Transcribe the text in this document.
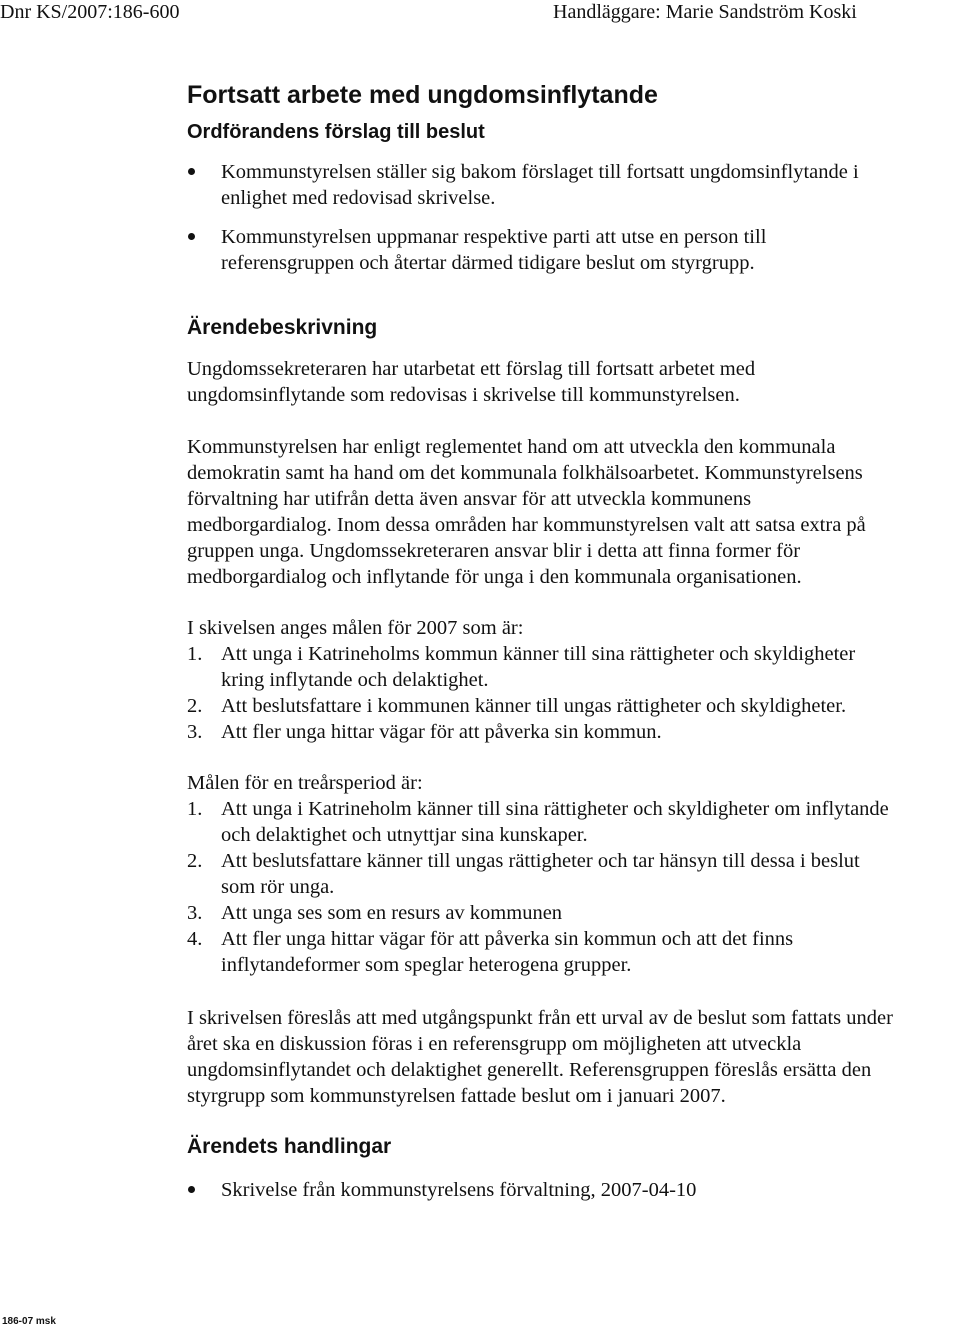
Dnr KS/2007:186-600	Handläggare: Marie Sandström Koski
Fortsatt arbete med ungdomsinflytande
Ordförandens förslag till beslut
Kommunstyrelsen ställer sig bakom förslaget till fortsatt ungdomsinflytande i
enlighet med redovisad skrivelse.
Kommunstyrelsen uppmanar respektive parti att utse en person till
referensgruppen och återtar därmed tidigare beslut om styrgrupp.
Ärendebeskrivning
Ungdomssekreteraren har utarbetat ett förslag till fortsatt arbetet med
ungdomsinflytande som redovisas i skrivelse till kommunstyrelsen.
Kommunstyrelsen har enligt reglementet hand om att utveckla den kommunala
demokratin samt ha hand om det kommunala folkhälsoarbetet. Kommunstyrelsens
förvaltning har utifrån detta även ansvar för att utveckla kommunens
medborgardialog. Inom dessa områden har kommunstyrelsen valt att satsa extra på
gruppen unga. Ungdomssekreteraren ansvar blir i detta att finna former för
medborgardialog och inflytande för unga i den kommunala organisationen.
I skivelsen anges målen för 2007 som är:
1. Att unga i Katrineholms kommun känner till sina rättigheter och skyldigheter
kring inflytande och delaktighet.
2. Att beslutsfattare i kommunen känner till ungas rättigheter och skyldigheter.
3. Att fler unga hittar vägar för att påverka sin kommun.
Målen för en treårsperiod är:
1. Att unga i Katrineholm känner till sina rättigheter och skyldigheter om inflytande
och delaktighet och utnyttjar sina kunskaper.
2. Att beslutsfattare känner till ungas rättigheter och tar hänsyn till dessa i beslut
som rör unga.
3. Att unga ses som en resurs av kommunen
4. Att fler unga hittar vägar för att påverka sin kommun och att det finns
inflytandeformer som speglar heterogena grupper.
I skrivelsen föreslås att med utgångspunkt från ett urval av de beslut som fattats under
året ska en diskussion föras i en referensgrupp om möjligheten att utveckla
ungdomsinflytandet och delaktighet generellt. Referensgruppen föreslås ersätta den
styrgrupp som kommunstyrelsen fattade beslut om i januari 2007.
Ärendets handlingar
Skrivelse från kommunstyrelsens förvaltning, 2007-04-10
186-07 msk
